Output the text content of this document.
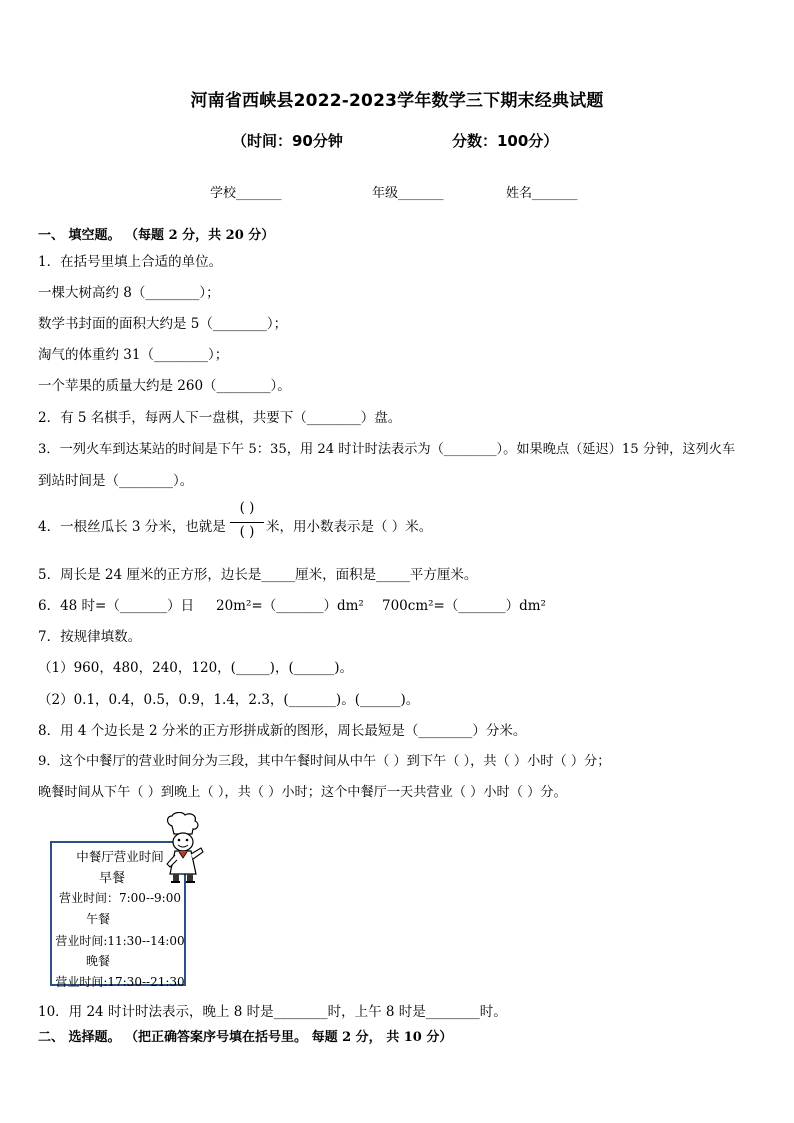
河南省西峡县2022-2023学年数学三下期末经典试题
（时间：90分钟	分数：100分）
学校_______	年级_______	姓名_______
一、 填空题。 （每题 2 分，共 20 分）
1．在括号里填上合适的单位。
一棵大树高约 8（________）；
数学书封面的面积大约是 5（________）；
淘气的体重约 31（________）；
一个苹果的质量大约是 260（________）。
2．有 5 名棋手，每两人下一盘棋，共要下（________）盘。
3．一列火车到达某站的时间是下午 5：35，用 24 时计时法表示为（________）。如果晚点（延迟）15 分钟，这列火车
到站时间是（________）。
4．一根丝瓜长 3 分米，也就是
( )
( ) 米，用小数表示是（ ）米。
5．周长是 24 厘米的正方形，边长是_____厘米，面积是_____平方厘米。
6．48 时=（_______）日 20m²=（_______）dm² 700cm²=（_______）dm²
7．按规律填数。
（1）960，480，240，120，(_____)，(______)。
（2）0.1，0.4，0.5，0.9，1.4，2.3，(_______)。(______)。
8．用 4 个边长是 2 分米的正方形拼成新的图形，周长最短是（________）分米。
9．这个中餐厅的营业时间分为三段，其中午餐时间从中午（ ）到下午（ ），共（ ）小时（ ）分；
晚餐时间从下午（ ）到晚上（ ），共（ ）小时；这个中餐厅一天共营业（ ）小时（ ）分。
中餐厅营业时间
早餐
营业时间：7:00--9:00
午餐
营业时间:11:30--14:00
晚餐
营业时间:17:30--21:30
10．用 24 时计时法表示，晚上 8 时是________时，上午 8 时是________时。
二、 选择题。 （把正确答案序号填在括号里。 每题 2 分， 共 10 分）
